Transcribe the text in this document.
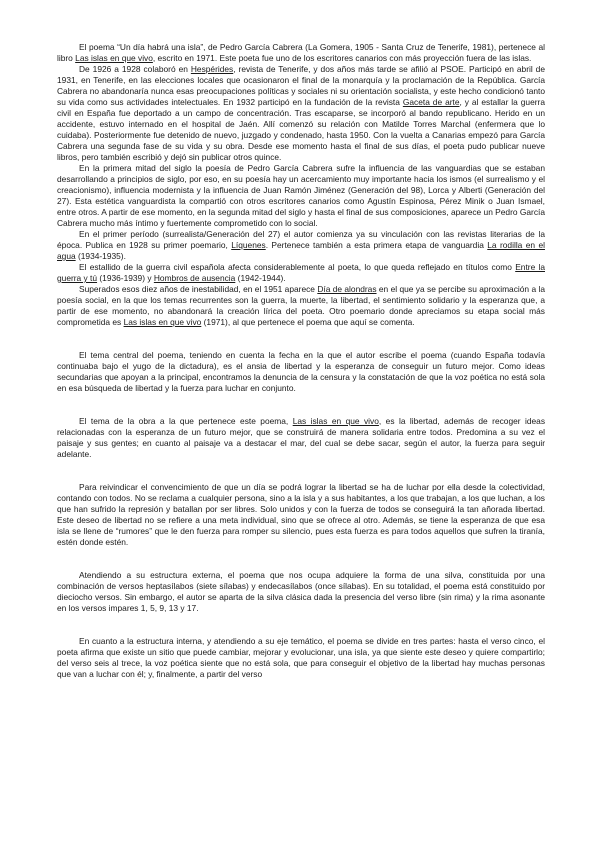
El poema “Un día habrá una isla”, de Pedro García Cabrera (La Gomera, 1905 - Santa Cruz de Tenerife, 1981), pertenece al libro Las islas en que vivo, escrito en 1971. Este poeta fue uno de los escritores canarios con más proyección fuera de las islas.

De 1926 a 1928 colaboró en Hespérides, revista de Tenerife, y dos años más tarde se afilió al PSOE. Participó en abril de 1931, en Tenerife, en las elecciones locales que ocasionaron el final de la monarquía y la proclamación de la República. García Cabrera no abandonaría nunca esas preocupaciones políticas y sociales ni su orientación socialista, y este hecho condicionó tanto su vida como sus actividades intelectuales. En 1932 participó en la fundación de la revista Gaceta de arte, y al estallar la guerra civil en España fue deportado a un campo de concentración. Tras escaparse, se incorporó al bando republicano. Herido en un accidente, estuvo internado en el hospital de Jaén. Allí comenzó su relación con Matilde Torres Marchal (enfermera que lo cuidaba). Posteriormente fue detenido de nuevo, juzgado y condenado, hasta 1950. Con la vuelta a Canarias empezó para García Cabrera una segunda fase de su vida y su obra. Desde ese momento hasta el final de sus días, el poeta pudo publicar nueve libros, pero también escribió y dejó sin publicar otros quince.

En la primera mitad del siglo la poesía de Pedro García Cabrera sufre la influencia de las vanguardias que se estaban desarrollando a principios de siglo, por eso, en su poesía hay un acercamiento muy importante hacia los ismos (el surrealismo y el creacionismo), influencia modernista y la influencia de Juan Ramón Jiménez (Generación del 98), Lorca y Alberti (Generación del 27). Esta estética vanguardista la compartió con otros escritores canarios como Agustín Espinosa, Pérez Minik o Juan Ismael, entre otros. A partir de ese momento, en la segunda mitad del siglo y hasta el final de sus composiciones, aparece un Pedro García Cabrera mucho más íntimo y fuertemente comprometido con lo social.

En el primer período (surrealista/Generación del 27) el autor comienza ya su vinculación con las revistas literarias de la época. Publica en 1928 su primer poemario, Líquenes. Pertenece también a esta primera etapa de vanguardia La rodilla en el agua (1934-1935).

El estallido de la guerra civil española afecta considerablemente al poeta, lo que queda reflejado en títulos como Entre la guerra y tú (1936-1939) y Hombros de ausencia (1942-1944).

Superados esos diez años de inestabilidad, en el 1951 aparece Día de alondras en el que ya se percibe su aproximación a la poesía social, en la que los temas recurrentes son la guerra, la muerte, la libertad, el sentimiento solidario y la esperanza que, a partir de ese momento, no abandonará la creación lírica del poeta. Otro poemario donde apreciamos su etapa social más comprometida es Las islas en que vivo (1971), al que pertenece el poema que aquí se comenta.

El tema central del poema, teniendo en cuenta la fecha en la que el autor escribe el poema (cuando España todavía continuaba bajo el yugo de la dictadura), es el ansia de libertad y la esperanza de conseguir un futuro mejor. Como ideas secundarias que apoyan a la principal, encontramos la denuncia de la censura y la constatación de que la voz poética no está sola en esa búsqueda de libertad y la fuerza para luchar en conjunto.

El tema de la obra a la que pertenece este poema, Las islas en que vivo, es la libertad, además de recoger ideas relacionadas con la esperanza de un futuro mejor, que se construirá de manera solidaria entre todos. Predomina a su vez el paisaje y sus gentes; en cuanto al paisaje va a destacar el mar, del cual se debe sacar, según el autor, la fuerza para seguir adelante.

Para reivindicar el convencimiento de que un día se podrá lograr la libertad se ha de luchar por ella desde la colectividad, contando con todos. No se reclama a cualquier persona, sino a la isla y a sus habitantes, a los que trabajan, a los que luchan, a los que han sufrido la represión y batallan por ser libres. Solo unidos y con la fuerza de todos se conseguirá la tan añorada libertad. Este deseo de libertad no se refiere a una meta individual, sino que se ofrece al otro. Además, se tiene la esperanza de que esa isla se llene de “rumores” que le den fuerza para romper su silencio, pues esta fuerza es para todos aquellos que sufren la tiranía, estén donde estén.

Atendiendo a su estructura externa, el poema que nos ocupa adquiere la forma de una silva, constituida por una combinación de versos heptasílabos (siete sílabas) y endecasílabos (once sílabas). En su totalidad, el poema está constituido por dieciocho versos. Sin embargo, el autor se aparta de la silva clásica dada la presencia del verso libre (sin rima) y la rima asonante en los versos impares 1, 5, 9, 13 y 17.

En cuanto a la estructura interna, y atendiendo a su eje temático, el poema se divide en tres partes: hasta el verso cinco, el poeta afirma que existe un sitio que puede cambiar, mejorar y evolucionar, una isla, ya que siente este deseo y quiere compartirlo; del verso seis al trece, la voz poética siente que no está sola, que para conseguir el objetivo de la libertad hay muchas personas que van a luchar con él; y, finalmente, a partir del verso
